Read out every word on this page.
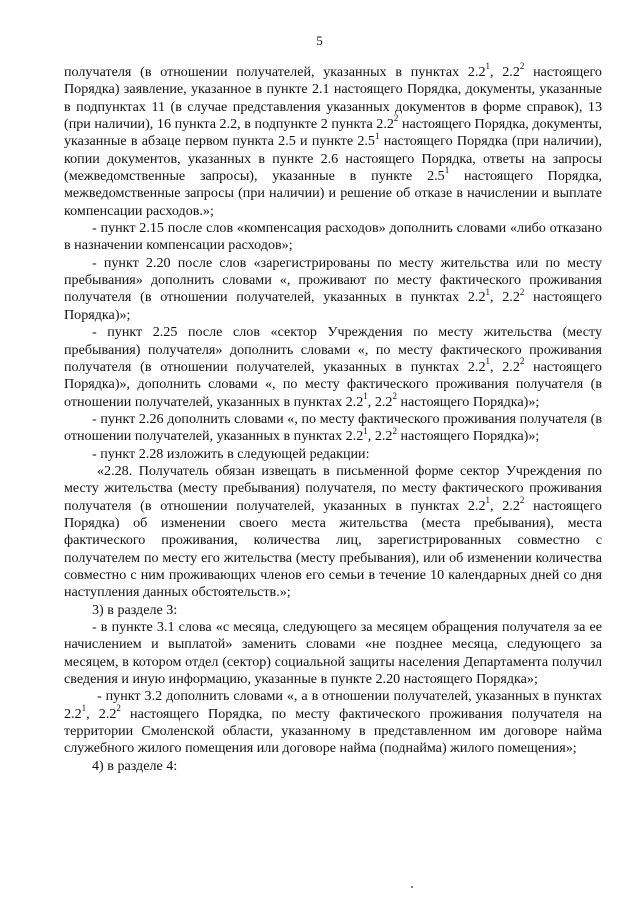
5

получателя (в отношении получателей, указанных в пунктах $2.2^1$, $2.2^2$ настоящего Порядка) заявление, указанное в пункте 2.1 настоящего Порядка, документы, указанные в подпунктах 11 (в случае представления указанных документов в форме справок), 13 (при наличии), 16 пункта 2.2, в подпункте 2 пункта $2.2^2$ настоящего Порядка, документы, указанные в абзаце первом пункта 2.5 и пункте $2.5^1$ настоящего Порядка (при наличии), копии документов, указанных в пункте 2.6 настоящего Порядка, ответы на запросы (межведомственные запросы), указанные в пункте $2.5^1$ настоящего Порядка, межведомственные запросы (при наличии) и решение об отказе в начислении и выплате компенсации расходов.»;

- пункт 2.15 после слов «компенсация расходов» дополнить словами «либо отказано в назначении компенсации расходов»;

- пункт 2.20 после слов «зарегистрированы по месту жительства или по месту пребывания» дополнить словами «, проживают по месту фактического проживания получателя (в отношении получателей, указанных в пунктах $2.2^1$, $2.2^2$ настоящего Порядка)»;

- пункт 2.25 после слов «сектор Учреждения по месту жительства (месту пребывания) получателя» дополнить словами «, по месту фактического проживания получателя (в отношении получателей, указанных в пунктах $2.2^1$, $2.2^2$ настоящего Порядка)», дополнить словами «, по месту фактического проживания получателя (в отношении получателей, указанных в пунктах $2.2^1$, $2.2^2$ настоящего Порядка)»;

- пункт 2.26 дополнить словами «, по месту фактического проживания получателя (в отношении получателей, указанных в пунктах $2.2^1$, $2.2^2$ настоящего Порядка)»;

- пункт 2.28 изложить в следующей редакции:

«2.28. Получатель обязан извещать в письменной форме сектор Учреждения по месту жительства (месту пребывания) получателя, по месту фактического проживания получателя (в отношении получателей, указанных в пунктах $2.2^1$, $2.2^2$ настоящего Порядка) об изменении своего места жительства (места пребывания), места фактического проживания, количества лиц, зарегистрированных совместно с получателем по месту его жительства (месту пребывания), или об изменении количества совместно с ним проживающих членов его семьи в течение 10 календарных дней со дня наступления данных обстоятельств.»;

3) в разделе 3:

- в пункте 3.1 слова «с месяца, следующего за месяцем обращения получателя за ее начислением и выплатой» заменить словами «не позднее месяца, следующего за месяцем, в котором отдел (сектор) социальной защиты населения Департамента получил сведения и иную информацию, указанные в пункте 2.20 настоящего Порядка»;

- пункт 3.2 дополнить словами «, а в отношении получателей, указанных в пунктах $2.2^1$, $2.2^2$ настоящего Порядка, по месту фактического проживания получателя на территории Смоленской области, указанному в представленном им договоре найма служебного жилого помещения или договоре найма (поднайма) жилого помещения»;

4) в разделе 4:
